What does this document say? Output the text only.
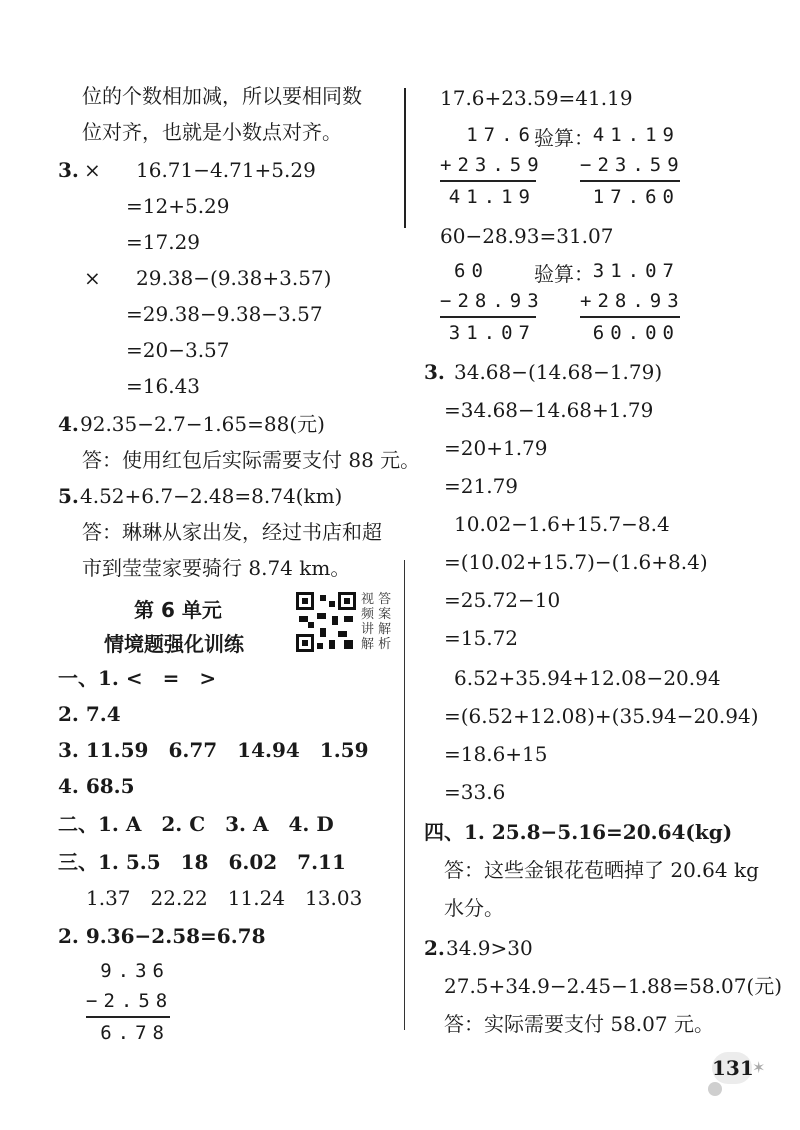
位的个数相加减，所以要相同数
位对齐，也就是小数点对齐。
3. × 16.71−4.71+5.29
=12+5.29
=17.29
× 29.38−(9.38+3.57)
=29.38−9.38−3.57
=20−3.57
=16.43
4. 92.35−2.7−1.65=88(元)
答：使用红包后实际需要支付 88 元。
5. 4.52+6.7−2.48=8.74(km)
答：琳琳从家出发，经过书店和超
市到莹莹家要骑行 8.74 km。
第 6 单元
情境题强化训练
视 答
频 案
讲 解
解 析
一、1. <　=　>
2. 7.4
3. 11.59　6.77　14.94　1.59
4. 68.5
二、1. A　2. C　3. A　4. D
三、1. 5.5　18　6.02　7.11
1.37　22.22　11.24　13.03
2. 9.36−2.58=6.78
9.36
−2.58
6.78
17.6+23.59=41.19
17.6
+23.59
41.19
验算：
41.19
−23.59
17.60
60−28.93=31.07
60
−28.93
31.07
验算：
31.07
+28.93
60.00
3. 34.68−(14.68−1.79)
=34.68−14.68+1.79
=20+1.79
=21.79
10.02−1.6+15.7−8.4
=(10.02+15.7)−(1.6+8.4)
=25.72−10
=15.72
6.52+35.94+12.08−20.94
=(6.52+12.08)+(35.94−20.94)
=18.6+15
=33.6
四、1. 25.8−5.16=20.64(kg)
答：这些金银花苞晒掉了 20.64 kg
水分。
2. 34.9>30
27.5+34.9−2.45−1.88=58.07(元)
答：实际需要支付 58.07 元。
131
✶
